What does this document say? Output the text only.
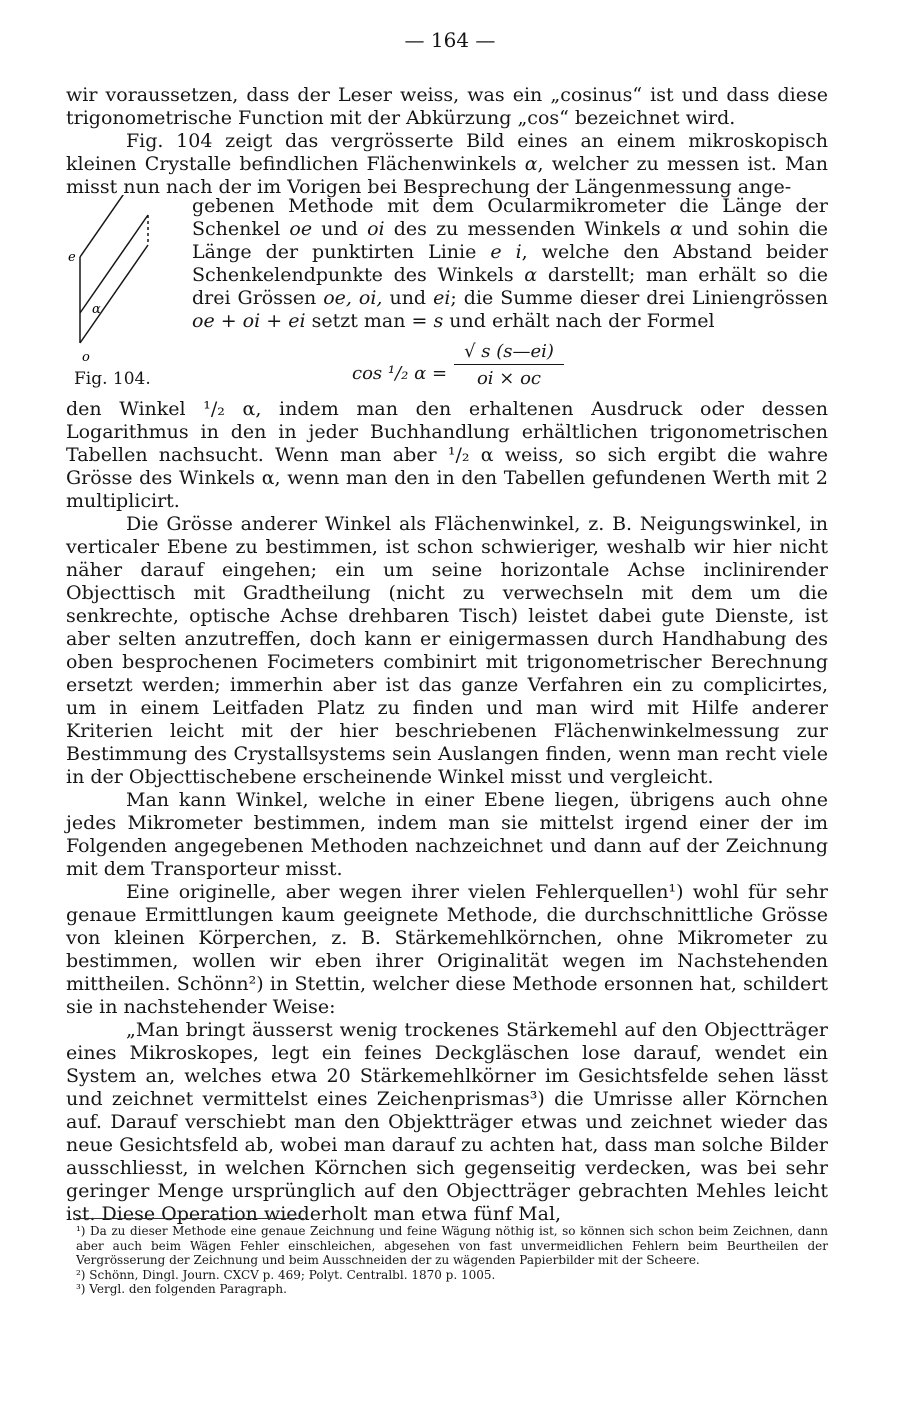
— 164 —

wir voraussetzen, dass der Leser weiss, was ein „cosinus“ ist und dass diese trigonometrische Function mit der Abkürzung „cos“ bezeichnet wird.

Fig. 104 zeigt das vergrösserte Bild eines an einem mikroskopisch kleinen Crystalle befindlichen Flächenwinkels α, welcher zu messen ist. Man misst nun nach der im Vorigen bei Besprechung der Längenmessung ange-

e
α
o
Fig. 104.
gebenen Methode mit dem Ocularmikrometer die Länge der Schenkel oe und oi des zu messenden Winkels α und sohin die Länge der punktirten Linie e i, welche den Abstand beider Schenkelendpunkte des Winkels α darstellt; man erhält so die drei Grössen oe, oi, und ei; die Summe dieser drei Liniengrössen oe + oi + ei setzt man = s und erhält nach der Formel
cos ¹/₂ $\alpha = \frac{√ s (s—ei)}{oi \times oc}$

den Winkel ¹/₂ α, indem man den erhaltenen Ausdruck oder dessen Logarithmus in den in jeder Buchhandlung erhältlichen trigonometrischen Tabellen nachsucht. Wenn man aber ¹/₂ α weiss, so sich ergibt die wahre Grösse des Winkels α, wenn man den in den Tabellen gefundenen Werth mit 2 multiplicirt.

Die Grösse anderer Winkel als Flächenwinkel, z. B. Neigungswinkel, in verticaler Ebene zu bestimmen, ist schon schwieriger, weshalb wir hier nicht näher darauf eingehen; ein um seine horizontale Achse inclinirender Objecttisch mit Gradtheilung (nicht zu verwechseln mit dem um die senkrechte, optische Achse drehbaren Tisch) leistet dabei gute Dienste, ist aber selten anzutreffen, doch kann er einigermassen durch Handhabung des oben besprochenen Focimeters combinirt mit trigonometrischer Berechnung ersetzt werden; immerhin aber ist das ganze Verfahren ein zu complicirtes, um in einem Leitfaden Platz zu finden und man wird mit Hilfe anderer Kriterien leicht mit der hier beschriebenen Flächenwinkelmessung zur Bestimmung des Crystallsystems sein Auslangen finden, wenn man recht viele in der Objecttischebene erscheinende Winkel misst und vergleicht.

Man kann Winkel, welche in einer Ebene liegen, übrigens auch ohne jedes Mikrometer bestimmen, indem man sie mittelst irgend einer der im Folgenden angegebenen Methoden nachzeichnet und dann auf der Zeichnung mit dem Transporteur misst.

Eine originelle, aber wegen ihrer vielen Fehlerquellen¹) wohl für sehr genaue Ermittlungen kaum geeignete Methode, die durchschnittliche Grösse von kleinen Körperchen, z. B. Stärkemehlkörnchen, ohne Mikrometer zu bestimmen, wollen wir eben ihrer Originalität wegen im Nachstehenden mittheilen. Schönn²) in Stettin, welcher diese Methode ersonnen hat, schildert sie in nachstehender Weise:

„Man bringt äusserst wenig trockenes Stärkemehl auf den Objectträger eines Mikroskopes, legt ein feines Deckgläschen lose darauf, wendet ein System an, welches etwa 20 Stärkemehlkörner im Gesichtsfelde sehen lässt und zeichnet vermittelst eines Zeichenprismas³) die Umrisse aller Körnchen auf. Darauf verschiebt man den Objektträger etwas und zeichnet wieder das neue Gesichtsfeld ab, wobei man darauf zu achten hat, dass man solche Bilder ausschliesst, in welchen Körnchen sich gegenseitig verdecken, was bei sehr geringer Menge ursprünglich auf den Objectträger gebrachten Mehles leicht ist. Diese Operation wiederholt man etwa fünf Mal,

¹) Da zu dieser Methode eine genaue Zeichnung und feine Wägung nöthig ist, so können sich schon beim Zeichnen, dann aber auch beim Wägen Fehler einschleichen, abgesehen von fast unvermeidlichen Fehlern beim Beurtheilen der Vergrösserung der Zeichnung und beim Ausschneiden der zu wägenden Papierbilder mit der Scheere.

²) Schönn, Dingl. Journ. CXCV p. 469; Polyt. Centralbl. 1870 p. 1005.

³) Vergl. den folgenden Paragraph.
